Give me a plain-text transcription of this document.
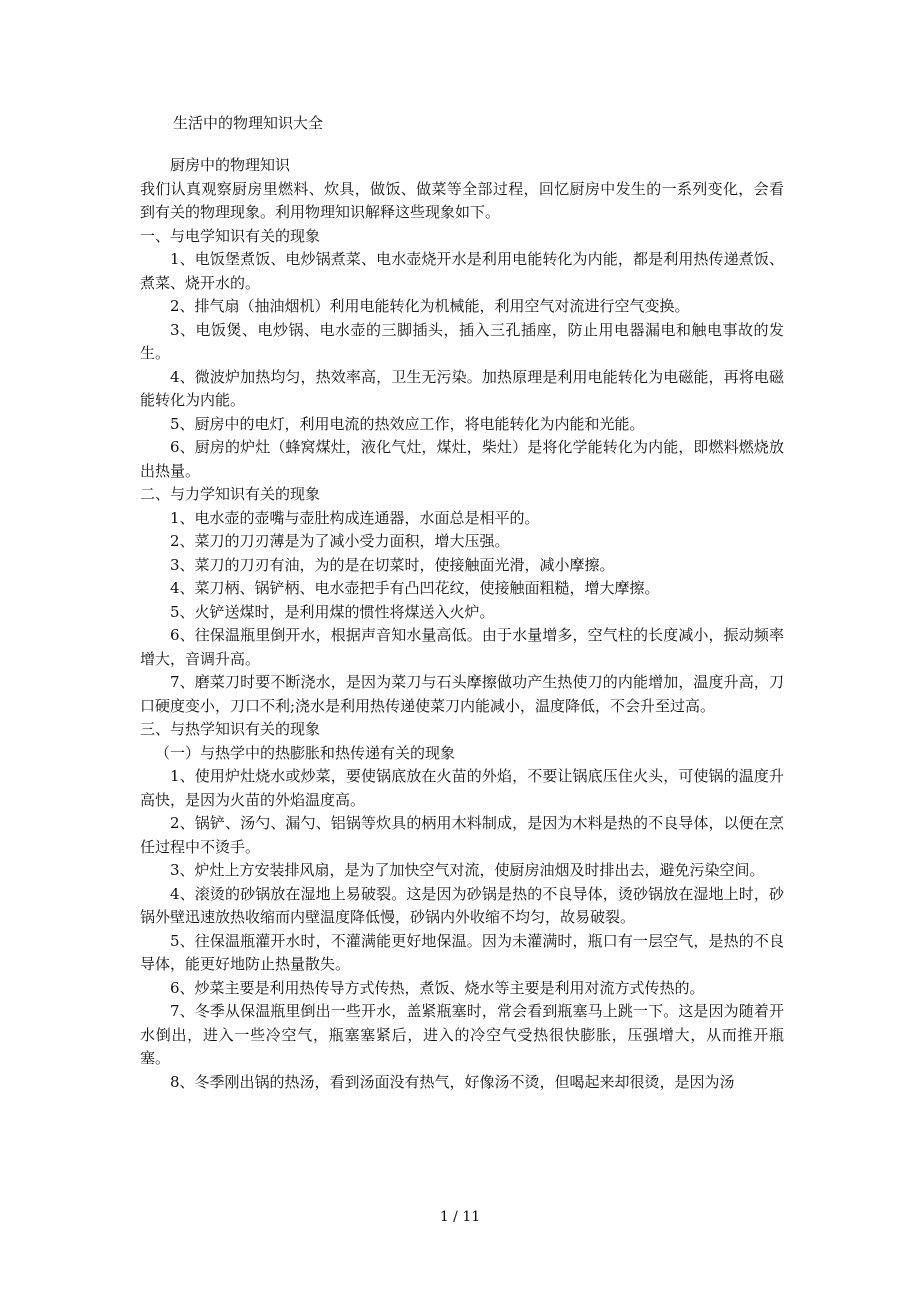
生活中的物理知识大全

厨房中的物理知识

我们认真观察厨房里燃料、炊具，做饭、做菜等全部过程，回忆厨房中发生的一系列变化，会看到有关的物理现象。利用物理知识解释这些现象如下。

一、与电学知识有关的现象

1、电饭堡煮饭、电炒锅煮菜、电水壶烧开水是利用电能转化为内能，都是利用热传递煮饭、煮菜、烧开水的。

2、排气扇（抽油烟机）利用电能转化为机械能，利用空气对流进行空气变换。

3、电饭煲、电炒锅、电水壶的三脚插头，插入三孔插座，防止用电器漏电和触电事故的发生。

4、微波炉加热均匀，热效率高，卫生无污染。加热原理是利用电能转化为电磁能，再将电磁能转化为内能。

5、厨房中的电灯，利用电流的热效应工作，将电能转化为内能和光能。

6、厨房的炉灶（蜂窝煤灶，液化气灶，煤灶，柴灶）是将化学能转化为内能，即燃料燃烧放出热量。

二、与力学知识有关的现象

1、电水壶的壶嘴与壶肚构成连通器，水面总是相平的。

2、菜刀的刀刃薄是为了减小受力面积，增大压强。

3、菜刀的刀刃有油，为的是在切菜时，使接触面光滑，减小摩擦。

4、菜刀柄、锅铲柄、电水壶把手有凸凹花纹，使接触面粗糙，增大摩擦。

5、火铲送煤时，是利用煤的惯性将煤送入火炉。

6、往保温瓶里倒开水，根据声音知水量高低。由于水量增多，空气柱的长度减小，振动频率增大，音调升高。

7、磨菜刀时要不断浇水，是因为菜刀与石头摩擦做功产生热使刀的内能增加，温度升高，刀口硬度变小，刀口不利;浇水是利用热传递使菜刀内能减小，温度降低，不会升至过高。

三、与热学知识有关的现象

（一）与热学中的热膨胀和热传递有关的现象

1、使用炉灶烧水或炒菜，要使锅底放在火苗的外焰，不要让锅底压住火头，可使锅的温度升高快，是因为火苗的外焰温度高。

2、锅铲、汤勺、漏勺、铝锅等炊具的柄用木料制成，是因为木料是热的不良导体，以便在烹任过程中不烫手。

3、炉灶上方安装排风扇，是为了加快空气对流，使厨房油烟及时排出去，避免污染空间。

4、滚烫的砂锅放在湿地上易破裂。这是因为砂锅是热的不良导体，烫砂锅放在湿地上时，砂锅外壁迅速放热收缩而内壁温度降低慢，砂锅内外收缩不均匀，故易破裂。

5、往保温瓶灌开水时，不灌满能更好地保温。因为未灌满时，瓶口有一层空气，是热的不良导体，能更好地防止热量散失。

6、炒菜主要是利用热传导方式传热，煮饭、烧水等主要是利用对流方式传热的。

7、冬季从保温瓶里倒出一些开水，盖紧瓶塞时，常会看到瓶塞马上跳一下。这是因为随着开水倒出，进入一些冷空气，瓶塞塞紧后，进入的冷空气受热很快膨胀，压强增大，从而推开瓶塞。

8、冬季刚出锅的热汤，看到汤面没有热气，好像汤不烫，但喝起来却很烫，是因为汤

1 / 11
